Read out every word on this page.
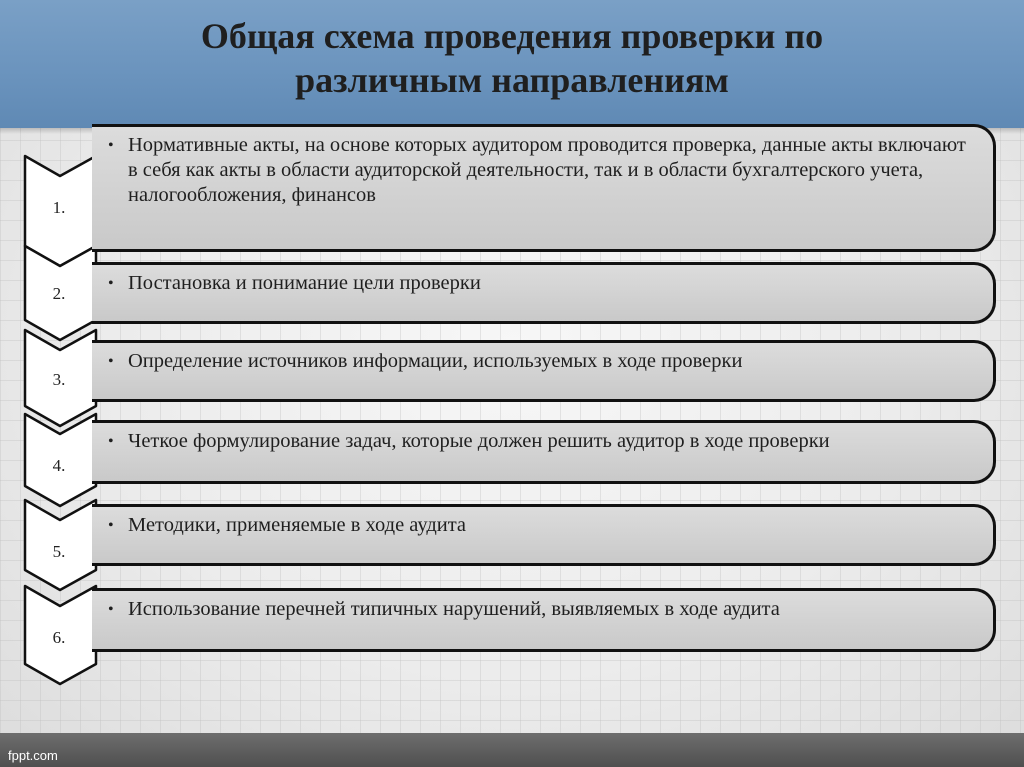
Общая схема проведения проверки по
различным направлениям
1.
2.
3.
4.
5.
6.
• Нормативные акты, на основе которых аудитором проводится проверка, данные акты включают в себя как акты в области аудиторской деятельности, так и в области бухгалтерского учета, налогообложения, финансов
• Постановка и понимание цели проверки
• Определение источников информации, используемых в ходе проверки
• Четкое формулирование задач, которые должен решить аудитор в ходе проверки
• Методики, применяемые в ходе аудита
• Использование перечней типичных нарушений, выявляемых в ходе аудита
fppt.com
